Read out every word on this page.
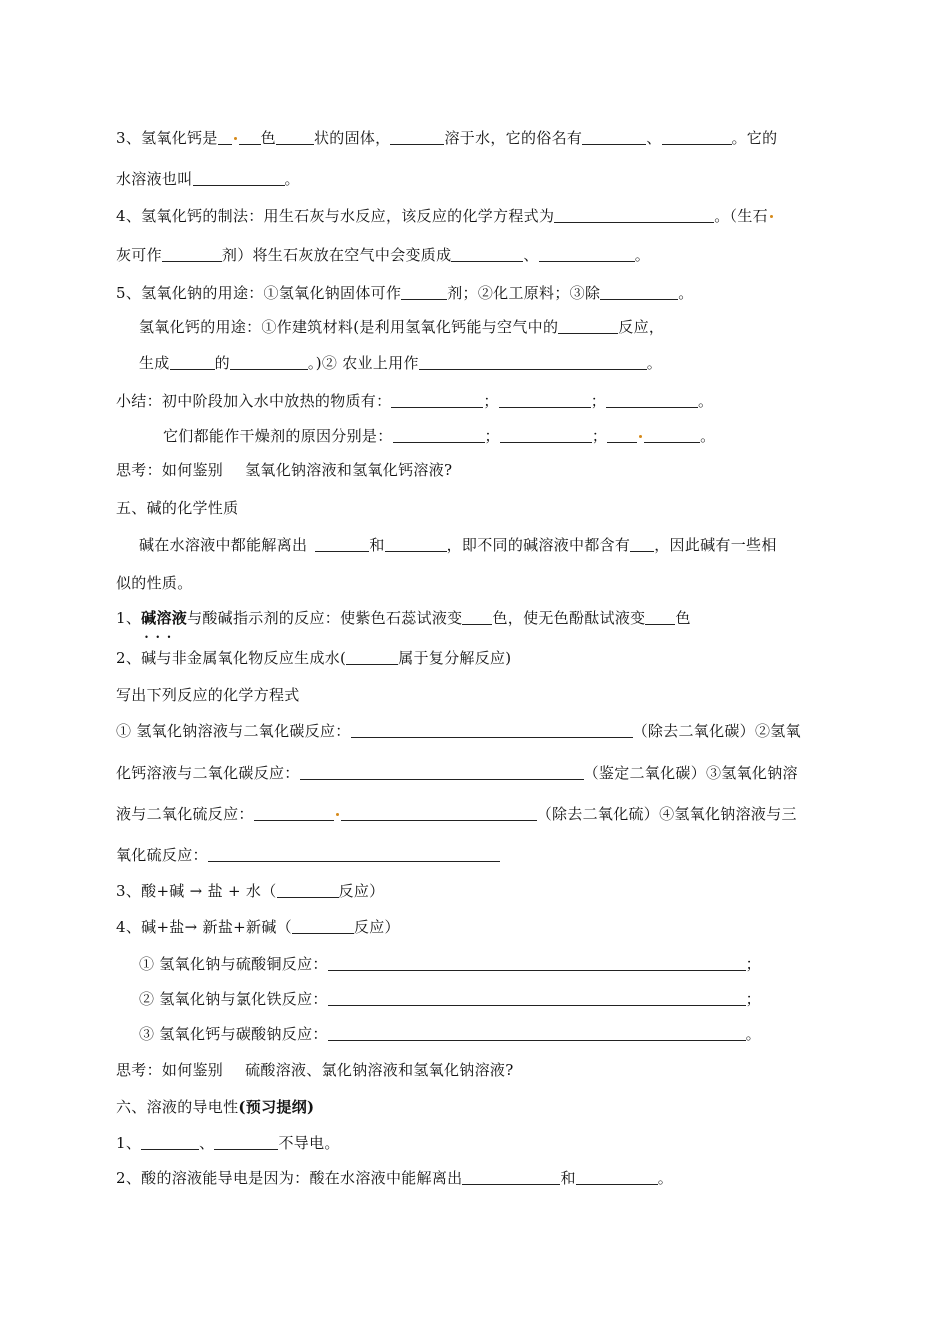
3、氢氧化钙是	色	状的固体，	溶于水，它的俗名有	、	。它的
水溶液也叫	。
4、氢氧化钙的制法：用生石灰与水反应，该反应的化学方程式为	。（生石
灰可作	剂）将生石灰放在空气中会变质成	、	。
5、氢氧化钠的用途：①氢氧化钠固体可作	剂；②化工原料；③除	。
氢氧化钙的用途：①作建筑材料(是利用氢氧化钙能与空气中的	反应，
生成	的	。)② 农业上用作	。
小结：初中阶段加入水中放热的物质有：	；	；	。
它们都能作干燥剂的原因分别是：	；	；	。
思考：如何鉴别 氢氧化钠溶液和氢氧化钙溶液?
五、碱的化学性质
碱在水溶液中都能解离出	和	，即不同的碱溶液中都含有 ，因此碱有一些相
似的性质。
1、碱溶液 • • •与酸碱指示剂的反应：使紫色石蕊试液变 色，使无色酚酞试液变 色
2、碱与非金属氧化物反应生成水(	属于复分解反应)
写出下列反应的化学方程式
① 氢氧化钠溶液与二氧化碳反应：	（除去二氧化碳）②氢氧
化钙溶液与二氧化碳反应：	（鉴定二氧化碳）③氢氧化钠溶
液与二氧化硫反应：	（除去二氧化硫）④氢氧化钠溶液与三
氧化硫反应：
3、酸+碱 → 盐 + 水（	反应）
4、碱+盐→ 新盐+新碱（	反应）
① 氢氧化钠与硫酸铜反应：	；
② 氢氧化钠与氯化铁反应：	；
③ 氢氧化钙与碳酸钠反应：	。
思考：如何鉴别 硫酸溶液、氯化钠溶液和氢氧化钠溶液?
六、溶液的导电性(预习提纲)
1、	、	不导电。
2、酸的溶液能导电是因为：酸在水溶液中能解离出	和	。
